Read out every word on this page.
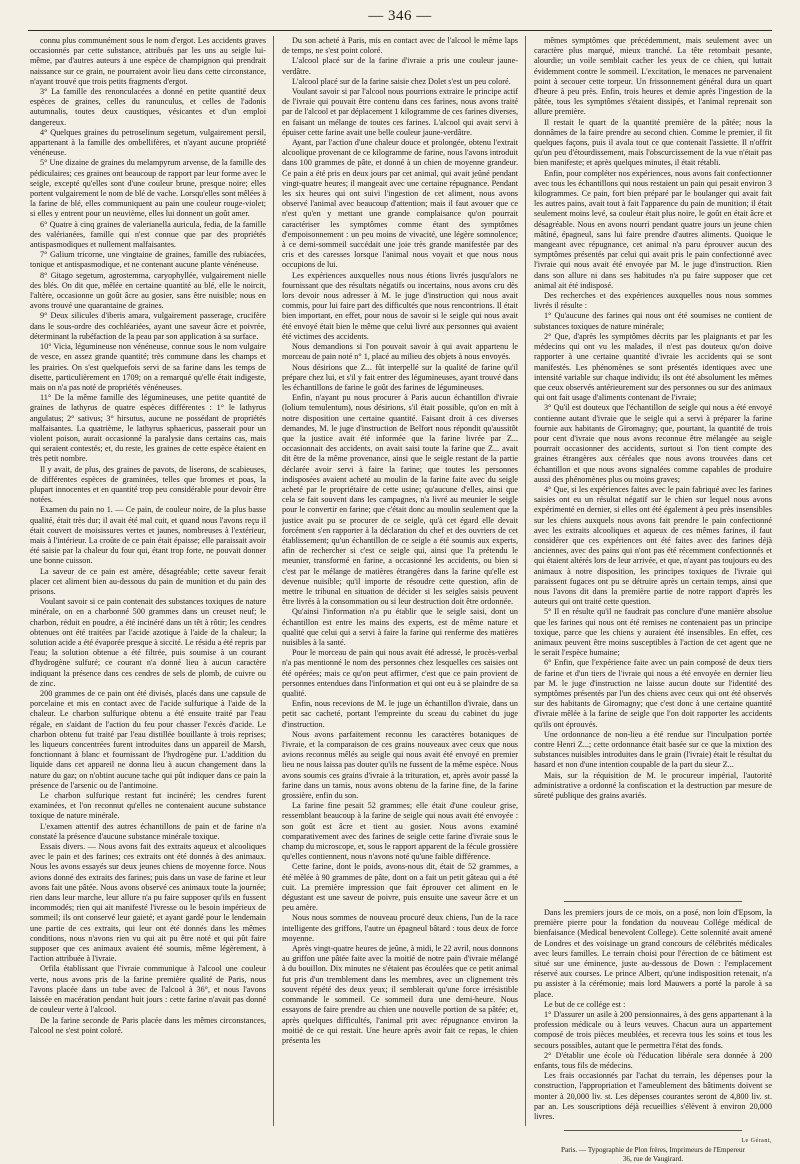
— 346 —

connu plus communément sous le nom d'ergot. Les accidents graves occasionnés par cette substance, attribués par les uns au seigle lui-même, par d'autres auteurs à une espèce de champignon qui prendrait naissance sur ce grain, ne pourraient avoir lieu dans cette circonstance, n'ayant trouvé que trois petits fragments d'ergot.

3° La famille des renonculacées a donné en petite quantité deux espèces de graines, celles du ranunculus, et celles de l'adonis autumnalis, toutes deux caustiques, vésicantes et d'un emploi dangereux.

4° Quelques graines du petroselinum segetum, vulgairement persil, appartenant à la famille des ombellifères, et n'ayant aucune propriété vénéneuse.

5° Une dizaine de graines du melampyrum arvense, de la famille des pédiculaires; ces graines ont beaucoup de rapport par leur forme avec le seigle, excepté qu'elles sont d'une couleur brune, presque noire; elles portent vulgairement le nom de blé de vache. Lorsqu'elles sont mêlées à la farine de blé, elles communiquent au pain une couleur rouge-violet; si elles y entrent pour un neuvième, elles lui donnent un goût amer.

6° Quatre à cinq graines de valerianella auricula, fedia, de la famille des valérianées, famille qui n'est connue que par des propriétés antispasmodiques et nullement malfaisantes.

7° Galium tricorne, une vingtaine de graines, famille des rubiacées, tonique et antispasmodique, et ne contenant aucune plante vénéneuse.

8° Gitago segetum, agrostemma, caryophyllée, vulgairement nielle des blés. On dit que, mêlée en certaine quantité au blé, elle le noircit, l'altère, occasionne un goût âcre au gosier, sans être nuisible; nous en avons trouvé une quarantaine de graines.

9° Deux silicules d'iberis amara, vulgairement passerage, crucifère dans le sous-ordre des cochléariées, ayant une saveur âcre et poivrée, déterminant la rubéfaction de la peau par son application à sa surface.

10° Vicia, légumineuse non vénéneuse, connue sous le nom vulgaire de vesce, en assez grande quantité; très commune dans les champs et les prairies. On s'est quelquefois servi de sa farine dans les temps de disette, particulièrement en 1709; on a remarqué qu'elle était indigeste, mais on n'a pas noté de propriétés vénéneuses.

11° De la même famille des légumineuses, une petite quantité de graines de lathyrus de quatre espèces différentes : 1° le lathyrus angulatus; 2° sativus; 3° hirsutus, aucune ne possédant de propriétés malfaisantes. La quatrième, le lathyrus sphaericus, passerait pour un violent poison, aurait occasionné la paralysie dans certains cas, mais qui seraient contestés; et, du reste, les graines de cette espèce étaient en très petit nombre.

Il y avait, de plus, des graines de pavots, de liserons, de scabieuses, de différentes espèces de graminées, telles que bromes et poas, la plupart innocentes et en quantité trop peu considérable pour devoir être notées.

Examen du pain no 1. — Ce pain, de couleur noire, de la plus basse qualité, était très dur; il avait été mal cuit, et quand nous l'avons reçu il était couvert de moisissures vertes et jaunes, nombreuses à l'extérieur, mais à l'intérieur. La croûte de ce pain était épaisse; elle paraissait avoir été saisie par la chaleur du four qui, étant trop forte, ne pouvait donner une bonne cuisson.

La saveur de ce pain est amère, désagréable; cette saveur ferait placer cet aliment bien au-dessous du pain de munition et du pain des prisons.

Voulant savoir si ce pain contenait des substances toxiques de nature minérale, on en a charbonné 500 grammes dans un creuset neuf; le charbon, réduit en poudre, a été incinéré dans un têt à rôtir; les cendres obtenues ont été traitées par l'acide azotique à l'aide de la chaleur; la solution acide a été évaporée presque à siccité. Le résidu a été repris par l'eau; la solution obtenue a été filtrée, puis soumise à un courant d'hydrogène sulfuré; ce courant n'a donné lieu à aucun caractère indiquant la présence dans ces cendres de sels de plomb, de cuivre ou de zinc.

200 grammes de ce pain ont été divisés, placés dans une capsule de porcelaine et mis en contact avec de l'acide sulfurique à l'aide de la chaleur. Le charbon sulfurique obtenu a été ensuite traité par l'eau régale, en s'aidant de l'action du feu pour chasser l'excès d'acide. Le charbon obtenu fut traité par l'eau distillée bouillante à trois reprises; les liqueurs concentrées furent introduites dans un appareil de Marsh, fonctionnant à blanc et fournissant de l'hydrogène pur. L'addition du liquide dans cet appareil ne donna lieu à aucun changement dans la nature du gaz; on n'obtint aucune tache qui pût indiquer dans ce pain la présence de l'arsenic ou de l'antimoine.

Le charbon sulfurique restant fut incinéré; les cendres furent examinées, et l'on reconnut qu'elles ne contenaient aucune substance toxique de nature minérale.

L'examen attentif des autres échantillons de pain et de farine n'a constaté la présence d'aucune substance minérale toxique.

Essais divers. — Nous avons fait des extraits aqueux et alcooliques avec le pain et des farines; ces extraits ont été donnés à des animaux. Nous les avons essayés sur deux jeunes chiens de moyenne force. Nous avions donné des extraits des farines; puis dans un vase de farine et leur avons fait une pâtée. Nous avons observé ces animaux toute la journée; rien dans leur marche, leur allure n'a pu faire supposer qu'ils en fussent incommodés; rien qui ait manifesté l'ivresse ou le besoin impérieux de sommeil; ils ont conservé leur gaieté; et ayant gardé pour le lendemain une partie de ces extraits, qui leur ont été donnés dans les mêmes conditions, nous n'avons rien vu qui ait pu être noté et qui pût faire supposer que ces animaux avaient été soumis, même légèrement, à l'action attribuée à l'ivraie.

Orfila établissant que l'ivraie communique à l'alcool une couleur verte, nous avons pris de la farine première qualité de Paris, nous l'avons placée dans un tube avec de l'alcool à 36°, et nous l'avons laissée en macération pendant huit jours : cette farine n'avait pas donné de couleur verte à l'alcool.

De la farine seconde de Paris placée dans les mêmes circonstances, l'alcool ne s'est point coloré.

Du son acheté à Paris, mis en contact avec de l'alcool le même laps de temps, ne s'est point coloré.

L'alcool placé sur de la farine d'ivraie a pris une couleur jaune-verdâtre.

L'alcool placé sur de la farine saisie chez Dolet s'est un peu coloré.

Voulant savoir si par l'alcool nous pourrions extraire le principe actif de l'ivraie qui pouvait être contenu dans ces farines, nous avons traité par de l'alcool et par déplacement 1 kilogramme de ces farines diverses, en faisant un mélange de toutes ces farines. L'alcool qui avait servi à épuiser cette farine avait une belle couleur jaune-verdâtre.

Ayant, par l'action d'une chaleur douce et prolongée, obtenu l'extrait alcoolique provenant de ce kilogramme de farine, nous l'avons introduit dans 100 grammes de pâte, et donné à un chien de moyenne grandeur. Ce pain a été pris en deux jours par cet animal, qui avait jeûné pendant vingt-quatre heures; il mangeait avec une certaine répugnance. Pendant les six heures qui ont suivi l'ingestion de cet aliment, nous avons observé l'animal avec beaucoup d'attention; mais il faut avouer que ce n'est qu'en y mettant une grande complaisance qu'on pourrait caractériser les symptômes comme étant des symptômes d'empoisonnement : un peu moins de vivacité, une légère somnolence; à ce demi-sommeil succédait une joie très grande manifestée par des cris et des caresses lorsque l'animal nous voyait et que nous nous occupions de lui.

Les expériences auxquelles nous nous étions livrés jusqu'alors ne fournissant que des résultats négatifs ou incertains, nous avons cru dès lors devoir nous adresser à M. le juge d'instruction qui nous avait commis, pour lui faire part des difficultés que nous rencontrions. Il était bien important, en effet, pour nous de savoir si le seigle qui nous avait été envoyé était bien le même que celui livré aux personnes qui avaient été victimes des accidents.

Nous demandions si l'on pouvait savoir à qui avait appartenu le morceau de pain noté n° 1, placé au milieu des objets à nous envoyés.

Nous désirions que Z... fût interpellé sur la qualité de farine qu'il prépare chez lui, et s'il y fait entrer des légumineuses, ayant trouvé dans les échantillons de farine le goût des farines de légumineuses.

Enfin, n'ayant pu nous procurer à Paris aucun échantillon d'ivraie (lolium temulentum), nous désirions, s'il était possible, qu'on en mît à notre disposition une certaine quantité. Faisant droit à ces diverses demandes, M. le juge d'instruction de Belfort nous répondit qu'aussitôt que la justice avait été informée que la farine livrée par Z... occasionnait des accidents, on avait saisi toute la farine que Z... avait dit être de la même provenance, ainsi que le seigle restant de la partie déclarée avoir servi à faire la farine; que toutes les personnes indisposées avaient acheté au moulin de la farine faite avec du seigle acheté par le propriétaire de cette usine; qu'aucune d'elles, ainsi que cela se fait souvent dans les campagnes, n'a livré au meunier le seigle pour le convertir en farine; que c'était donc au moulin seulement que la justice avait pu se procurer de ce seigle, qu'à cet égard elle devait forcément s'en rapporter à la déclaration du chef et des ouvriers de cet établissement; qu'un échantillon de ce seigle a été soumis aux experts, afin de rechercher si c'est ce seigle qui, ainsi que l'a prétendu le meunier, transformé en farine, a occasionné les accidents, ou bien si c'est par le mélange de matières étrangères dans la farine qu'elle est devenue nuisible; qu'il importe de résoudre cette question, afin de mettre le tribunal en situation de décider si les seigles saisis peuvent être livrés à la consommation ou si leur destruction doit être ordonnée.

Qu'ainsi l'information n'a pu établir que le seigle saisi, dont un échantillon est entre les mains des experts, est de même nature et qualité que celui qui a servi à faire la farine qui renferme des matières nuisibles à la santé.

Pour le morceau de pain qui nous avait été adressé, le procès-verbal n'a pas mentionné le nom des personnes chez lesquelles ces saisies ont été opérées; mais ce qu'on peut affirmer, c'est que ce pain provient de personnes entendues dans l'information et qui ont eu à se plaindre de sa qualité.

Enfin, nous recevions de M. le juge un échantillon d'ivraie, dans un petit sac cacheté, portant l'empreinte du sceau du cabinet du juge d'instruction.

Nous avons parfaitement reconnu les caractères botaniques de l'ivraie, et la comparaison de ces grains nouveaux avec ceux que nous avions reconnus mêlés au seigle qui nous avait été envoyé en premier lieu ne nous laissa pas douter qu'ils ne fussent de la même espèce. Nous avons soumis ces grains d'ivraie à la trituration, et, après avoir passé la farine dans un tamis, nous avons obtenu de la farine fine, de la farine grossière, enfin du son.

La farine fine pesait 52 grammes; elle était d'une couleur grise, ressemblant beaucoup à la farine de seigle qui nous avait été envoyée : son goût est âcre et tient au gosier. Nous avons examiné comparativement avec des farines de seigle cette farine d'ivraie sous le champ du microscope, et, sous le rapport apparent de la fécule grossière qu'elles contiennent, nous n'avons noté qu'une faible différence.

Cette farine, dont le poids, avons-nous dit, était de 52 grammes, a été mêlée à 90 grammes de pâte, dont on a fait un petit gâteau qui a été cuit. La première impression que fait éprouver cet aliment en le dégustant est une saveur de poivre, puis ensuite une saveur âcre et un peu amère.

Nous nous sommes de nouveau procuré deux chiens, l'un de la race intelligente des griffons, l'autre un épagneul bâtard : tous deux de force moyenne.

Après vingt-quatre heures de jeûne, à midi, le 22 avril, nous donnons au griffon une pâtée faite avec la moitié de notre pain d'ivraie mélangé à du bouillon. Dix minutes ne s'étaient pas écoulées que ce petit animal fut pris d'un tremblement dans les membres, avec un clignement très souvent répété des deux yeux; il semblerait qu'une force irrésistible commande le sommeil. Ce sommeil dura une demi-heure. Nous essayons de faire prendre au chien une nouvelle portion de sa pâtée; et, après quelques difficultés, l'animal prit avec répugnance environ la moitié de ce qui restait. Une heure après avoir fait ce repas, le chien présenta les

mêmes symptômes que précédemment, mais seulement avec un caractère plus marqué, mieux tranché. La tête retombait pesante, alourdie; un voile semblait cacher les yeux de ce chien, qui luttait évidemment contre le sommeil. L'excitation, le menaces ne parvenaient point à secouer cette torpeur. Un frissonnement général dura un quart d'heure à peu près. Enfin, trois heures et demie après l'ingestion de la pâtée, tous les symptômes s'étaient dissipés, et l'animal reprenait son allure première.

Il restait le quart de la quantité première de la pâtée; nous la donnâmes de la faire prendre au second chien. Comme le premier, il fit quelques façons, puis il avala tout ce que contenait l'assiette. Il n'offrit qu'un peu d'étourdissement, mais l'obscurcissement de la vue n'était pas bien manifeste; et après quelques minutes, il était rétabli.

Enfin, pour compléter nos expériences, nous avons fait confectionner avec tous les échantillons qui nous restaient un pain qui pesait environ 3 kilogrammes. Ce pain, fort bien préparé par le boulanger qui avait fait les autres pains, avait tout à fait l'apparence du pain de munition; il était seulement moins levé, sa couleur était plus noire, le goût en était âcre et désagréable. Nous en avons nourri pendant quatre jours un jeune chien mâtiné, épagneul, sans lui faire prendre d'autres aliments. Quoique le mangeant avec répugnance, cet animal n'a paru éprouver aucun des symptômes présentés par celui qui avait pris le pain confectionné avec l'ivraie qui nous avait été envoyée par M. le juge d'instruction. Rien dans son allure ni dans ses habitudes n'a pu faire supposer que cet animal ait été indisposé.

Des recherches et des expériences auxquelles nous nous sommes livrés il résulte :

1° Qu'aucune des farines qui nous ont été soumises ne contient de substances toxiques de nature minérale;

2° Que, d'après les symptômes décrits par les plaignants et par les médecins qui ont vu les malades, il n'est pas douteux qu'on doive rapporter à une certaine quantité d'ivraie les accidents qui se sont manifestés. Les phénomènes se sont présentés identiques avec une intensité variable sur chaque individu; ils ont été absolument les mêmes que ceux observés antérieurement sur des personnes ou sur des animaux qui ont fait usage d'aliments contenant de l'ivraie;

3° Qu'il est douteux que l'échantillon de seigle qui nous a été envoyé contienne autant d'ivraie que le seigle qui a servi à préparer la farine fournie aux habitants de Giromagny; que, pourtant, la quantité de trois pour cent d'ivraie que nous avons reconnue être mélangée au seigle pourrait occasionner des accidents, surtout si l'on tient compte des graines étrangères aux céréales que nous avons trouvées dans cet échantillon et que nous avons signalées comme capables de produire aussi des phénomènes plus ou moins graves;

4° Que, si les expériences faites avec le pain fabriqué avec les farines saisies ont eu un résultat négatif sur le chien sur lequel nous avons expérimenté en dernier, si elles ont été également à peu près insensibles sur les chiens auxquels nous avons fait prendre le pain confectionné avec les extraits alcooliques et aqueux de ces mêmes farines, il faut considérer que ces expériences ont été faites avec des farines déjà anciennes, avec des pains qui n'ont pas été récemment confectionnés et qui étaient altérés lors de leur arrivée, et que, n'ayant pas toujours eu des animaux à notre disposition, les principes toxiques de l'ivraie qui paraissent fugaces ont pu se détruire après un certain temps, ainsi que nous l'avons dit dans la première partie de notre rapport d'après les auteurs qui ont traité cette question.

5° Il en résulte qu'il ne faudrait pas conclure d'une manière absolue que les farines qui nous ont été remises ne contenaient pas un principe toxique, parce que les chiens y auraient été insensibles. En effet, ces animaux peuvent être moins susceptibles à l'action de cet agent que ne le serait l'espèce humaine;

6° Enfin, que l'expérience faite avec un pain composé de deux tiers de farine et d'un tiers de l'ivraie qui nous a été envoyée en dernier lieu par M. le juge d'instruction ne laisse aucun doute sur l'identité des symptômes présentés par l'un des chiens avec ceux qui ont été observés sur des habitants de Giromagny; que c'est donc à une certaine quantité d'ivraie mêlée à la farine de seigle que l'on doit rapporter les accidents qu'ils ont éprouvés.

Une ordonnance de non-lieu a été rendue sur l'inculpation portée contre Henri Z...; cette ordonnance était basée sur ce que la mixtion des substances nuisibles introduites dans le grain (l'ivraie) était le résultat du hasard et non d'une intention coupable de la part du sieur Z...

Mais, sur la réquisition de M. le procureur impérial, l'autorité administrative a ordonné la confiscation et la destruction par mesure de sûreté publique des grains avariés.

Dans les premiers jours de ce mois, on a posé, non loin d'Epsom, la première pierre pour la fondation du nouveau Collége médical de bienfaisance (Medical benevolent College). Cette solennité avait amené de Londres et des voisinage un grand concours de célébrités médicales avec leurs familles. Le terrain choisi pour l'érection de ce bâtiment est situé sur une éminence, juste au-dessous de Down : l'emplacement réservé aux courses. Le prince Albert, qu'une indisposition retenait, n'a pu assister à la cérémonie; mais lord Mauwers a porté la parole à sa place.

Le but de ce collége est :

1° D'assurer un asile à 200 pensionnaires, à des gens appartenant à la profession médicale ou à leurs veuves. Chacun aura un appartement composé de trois pièces meublées, et recevra tous les soins et tous les secours possibles, autant que le permettra l'état des fonds.

2° D'établir une école où l'éducation libérale sera donnée à 200 enfants, tous fils de médecins.

Les frais occasionnés par l'achat du terrain, les dépenses pour la construction, l'appropriation et l'ameublement des bâtiments doivent se monter à 20,000 liv. st. Les dépenses courantes seront de 4,800 liv. st. par an. Les souscriptions déjà recueillies s'élèvent à environ 20,000 livres.

Le Gérant,
Paris. — Typographie de Plon frères, Imprimeurs de l'Empereur
36, rue de Vaugirard.
